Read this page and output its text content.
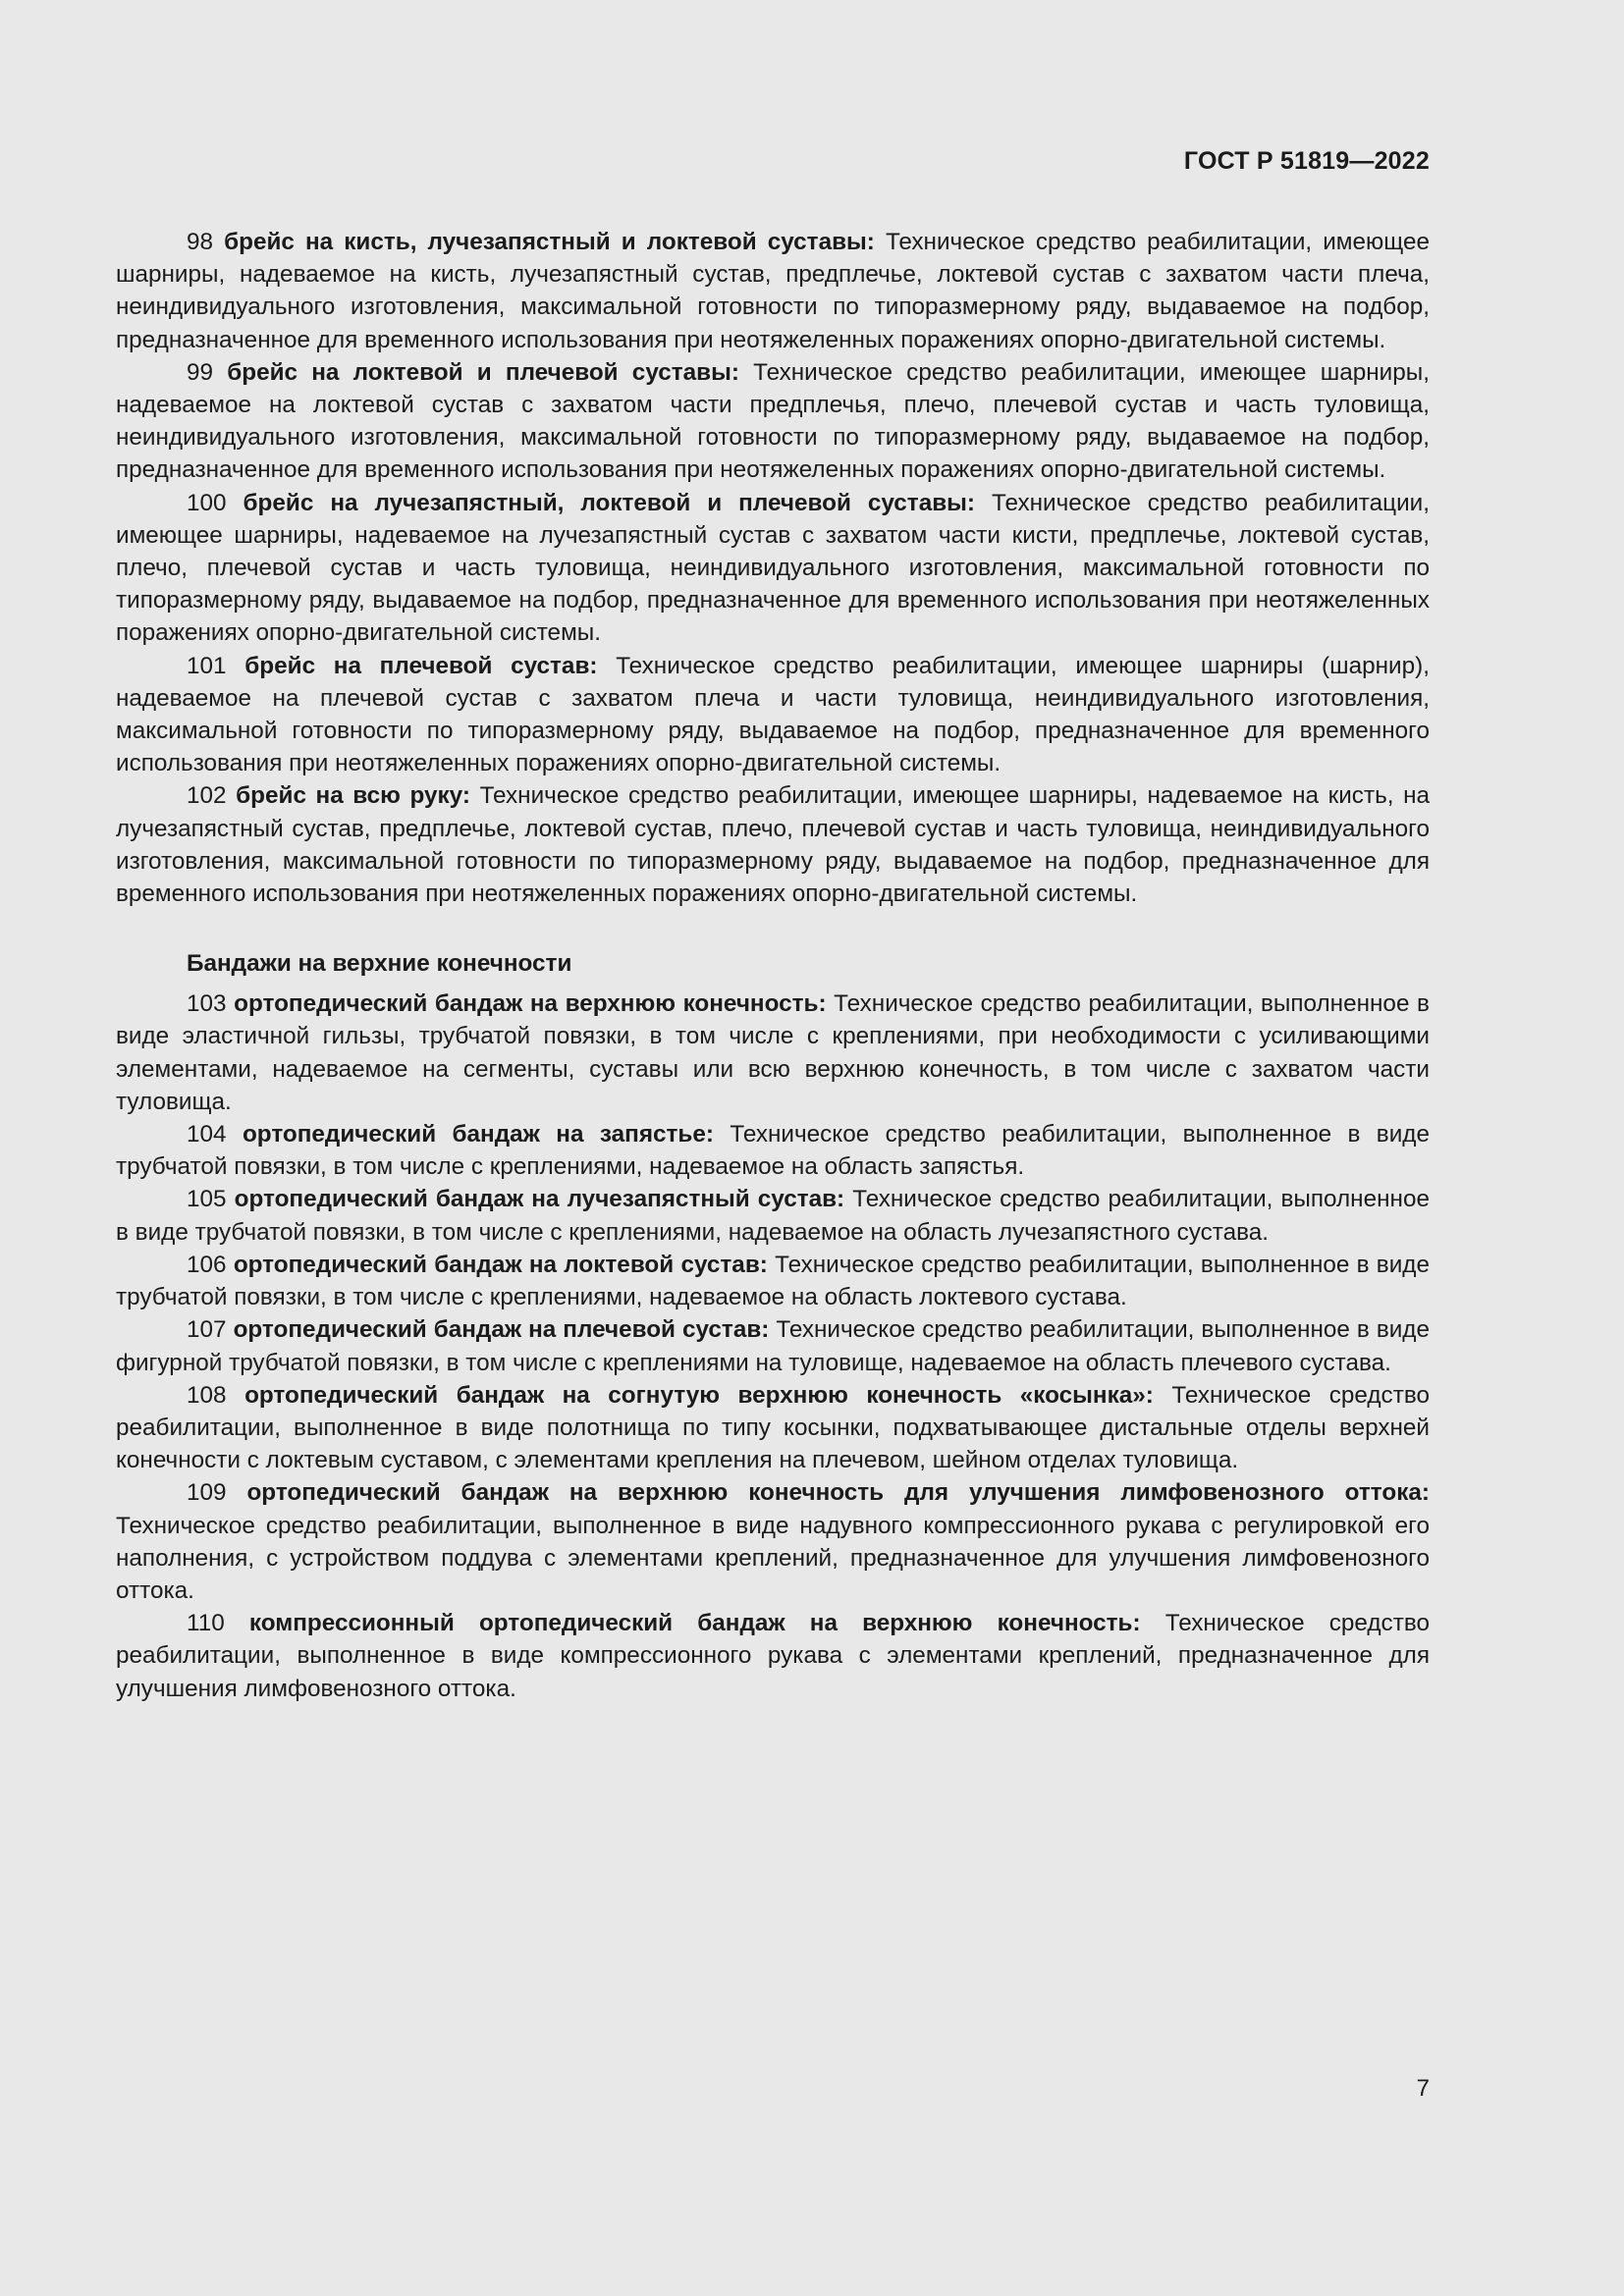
ГОСТ Р 51819—2022

98 брейс на кисть, лучезапястный и локтевой суставы: Техническое средство реабилитации, имеющее шарниры, надеваемое на кисть, лучезапястный сустав, предплечье, локтевой сустав с захватом части плеча, неиндивидуального изготовления, максимальной готовности по типоразмерному ряду, выдаваемое на подбор, предназначенное для временного использования при неотяжеленных поражениях опорно-двигательной системы.

99 брейс на локтевой и плечевой суставы: Техническое средство реабилитации, имеющее шарниры, надеваемое на локтевой сустав с захватом части предплечья, плечо, плечевой сустав и часть туловища, неиндивидуального изготовления, максимальной готовности по типоразмерному ряду, выдаваемое на подбор, предназначенное для временного использования при неотяжеленных поражениях опорно-двигательной системы.

100 брейс на лучезапястный, локтевой и плечевой суставы: Техническое средство реабилитации, имеющее шарниры, надеваемое на лучезапястный сустав с захватом части кисти, предплечье, локтевой сустав, плечо, плечевой сустав и часть туловища, неиндивидуального изготовления, максимальной готовности по типоразмерному ряду, выдаваемое на подбор, предназначенное для временного использования при неотяжеленных поражениях опорно-двигательной системы.

101 брейс на плечевой сустав: Техническое средство реабилитации, имеющее шарниры (шарнир), надеваемое на плечевой сустав с захватом плеча и части туловища, неиндивидуального изготовления, максимальной готовности по типоразмерному ряду, выдаваемое на подбор, предназначенное для временного использования при неотяжеленных поражениях опорно-двигательной системы.

102 брейс на всю руку: Техническое средство реабилитации, имеющее шарниры, надеваемое на кисть, на лучезапястный сустав, предплечье, локтевой сустав, плечо, плечевой сустав и часть туловища, неиндивидуального изготовления, максимальной готовности по типоразмерному ряду, выдаваемое на подбор, предназначенное для временного использования при неотяжеленных поражениях опорно-двигательной системы.

Бандажи на верхние конечности

103 ортопедический бандаж на верхнюю конечность: Техническое средство реабилитации, выполненное в виде эластичной гильзы, трубчатой повязки, в том числе с креплениями, при необходимости с усиливающими элементами, надеваемое на сегменты, суставы или всю верхнюю конечность, в том числе с захватом части туловища.

104 ортопедический бандаж на запястье: Техническое средство реабилитации, выполненное в виде трубчатой повязки, в том числе с креплениями, надеваемое на область запястья.

105 ортопедический бандаж на лучезапястный сустав: Техническое средство реабилитации, выполненное в виде трубчатой повязки, в том числе с креплениями, надеваемое на область лучезапястного сустава.

106 ортопедический бандаж на локтевой сустав: Техническое средство реабилитации, выполненное в виде трубчатой повязки, в том числе с креплениями, надеваемое на область локтевого сустава.

107 ортопедический бандаж на плечевой сустав: Техническое средство реабилитации, выполненное в виде фигурной трубчатой повязки, в том числе с креплениями на туловище, надеваемое на область плечевого сустава.

108 ортопедический бандаж на согнутую верхнюю конечность «косынка»: Техническое средство реабилитации, выполненное в виде полотнища по типу косынки, подхватывающее дистальные отделы верхней конечности с локтевым суставом, с элементами крепления на плечевом, шейном отделах туловища.

109 ортопедический бандаж на верхнюю конечность для улучшения лимфовенозного оттока: Техническое средство реабилитации, выполненное в виде надувного компрессионного рукава с регулировкой его наполнения, с устройством поддува с элементами креплений, предназначенное для улучшения лимфовенозного оттока.

110 компрессионный ортопедический бандаж на верхнюю конечность: Техническое средство реабилитации, выполненное в виде компрессионного рукава с элементами креплений, предназначенное для улучшения лимфовенозного оттока.

7
